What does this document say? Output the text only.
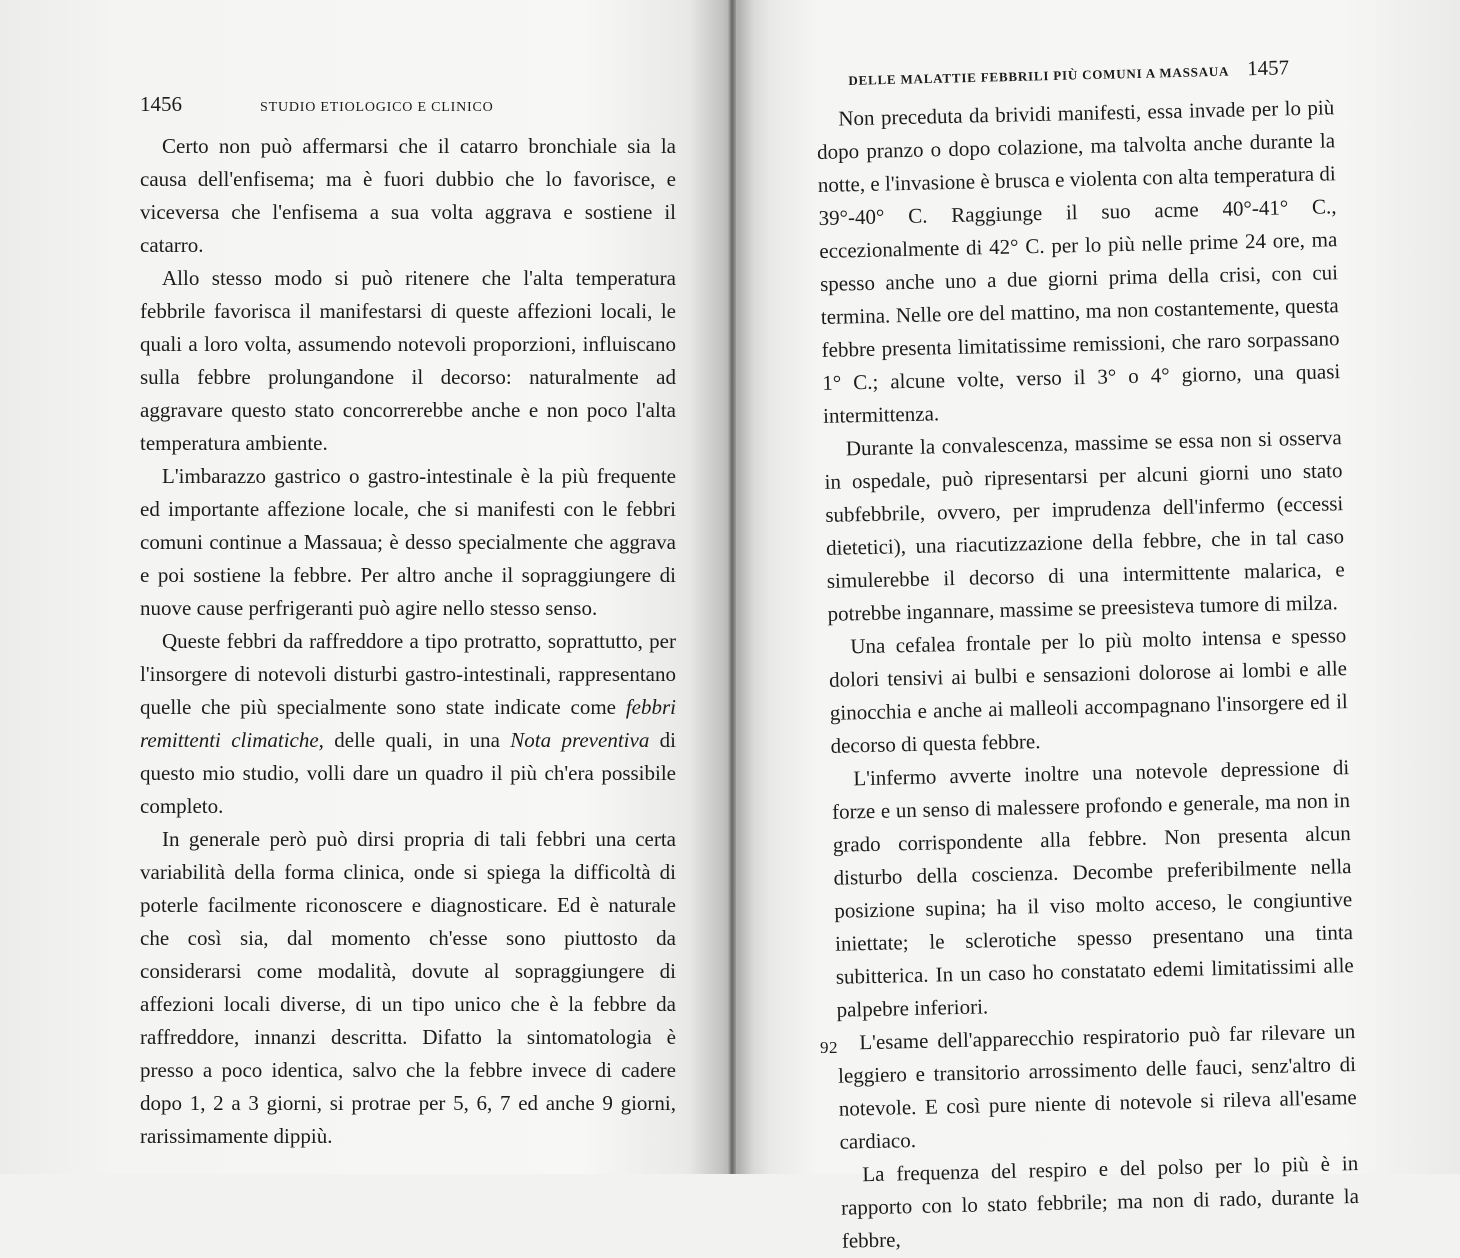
1456	STUDIO ETIOLOGICO E CLINICO

Certo non può affermarsi che il catarro bronchiale sia la causa dell'enfisema; ma è fuori dubbio che lo favorisce, e viceversa che l'enfisema a sua volta aggrava e sostiene il catarro.

Allo stesso modo si può ritenere che l'alta temperatura febbrile favorisca il manifestarsi di queste affezioni locali, le quali a loro volta, assumendo notevoli proporzioni, influiscano sulla febbre prolungandone il decorso: naturalmente ad aggravare questo stato concorrerebbe anche e non poco l'alta temperatura ambiente.

L'imbarazzo gastrico o gastro-intestinale è la più frequente ed importante affezione locale, che si manifesti con le febbri comuni continue a Massaua; è desso specialmente che aggrava e poi sostiene la febbre. Per altro anche il sopraggiungere di nuove cause perfrigeranti può agire nello stesso senso.

Queste febbri da raffreddore a tipo protratto, soprattutto, per l'insorgere di notevoli disturbi gastro-intestinali, rappresentano quelle che più specialmente sono state indicate come febbri remittenti climatiche, delle quali, in una Nota preventiva di questo mio studio, volli dare un quadro il più ch'era possibile completo.

In generale però può dirsi propria di tali febbri una certa variabilità della forma clinica, onde si spiega la difficoltà di poterle facilmente riconoscere e diagnosticare. Ed è naturale che così sia, dal momento ch'esse sono piuttosto da considerarsi come modalità, dovute al sopraggiungere di affezioni locali diverse, di un tipo unico che è la febbre da raffreddore, innanzi descritta. Difatto la sintomatologia è presso a poco identica, salvo che la febbre invece di cadere dopo 1, 2 a 3 giorni, si protrae per 5, 6, 7 ed anche 9 giorni, rarissimamente dippiù.

DELLE MALATTIE FEBBRILI PIÙ COMUNI A MASSAUA 1457

Non preceduta da brividi manifesti, essa invade per lo più dopo pranzo o dopo colazione, ma talvolta anche durante la notte, e l'invasione è brusca e violenta con alta temperatura di 39°-40° C. Raggiunge il suo acme 40°-41° C., eccezionalmente di 42° C. per lo più nelle prime 24 ore, ma spesso anche uno a due giorni prima della crisi, con cui termina. Nelle ore del mattino, ma non costantemente, questa febbre presenta limitatissime remissioni, che raro sorpassano 1° C.; alcune volte, verso il 3° o 4° giorno, una quasi intermittenza.

Durante la convalescenza, massime se essa non si osserva in ospedale, può ripresentarsi per alcuni giorni uno stato subfebbrile, ovvero, per imprudenza dell'infermo (eccessi dietetici), una riacutizzazione della febbre, che in tal caso simulerebbe il decorso di una intermittente malarica, e potrebbe ingannare, massime se preesisteva tumore di milza.

Una cefalea frontale per lo più molto intensa e spesso dolori tensivi ai bulbi e sensazioni dolorose ai lombi e alle ginocchia e anche ai malleoli accompagnano l'insorgere ed il decorso di questa febbre.

L'infermo avverte inoltre una notevole depressione di forze e un senso di malessere profondo e generale, ma non in grado corrispondente alla febbre. Non presenta alcun disturbo della coscienza. Decombe preferibilmente nella posizione supina; ha il viso molto acceso, le congiuntive iniettate; le sclerotiche spesso presentano una tinta subitterica. In un caso ho constatato edemi limitatissimi alle palpebre inferiori.

L'esame dell'apparecchio respiratorio può far rilevare un leggiero e transitorio arrossimento delle fauci, senz'altro di notevole. E così pure niente di notevole si rileva all'esame cardiaco.

La frequenza del respiro e del polso per lo più è in rapporto con lo stato febbrile; ma non di rado, durante la febbre,

92
